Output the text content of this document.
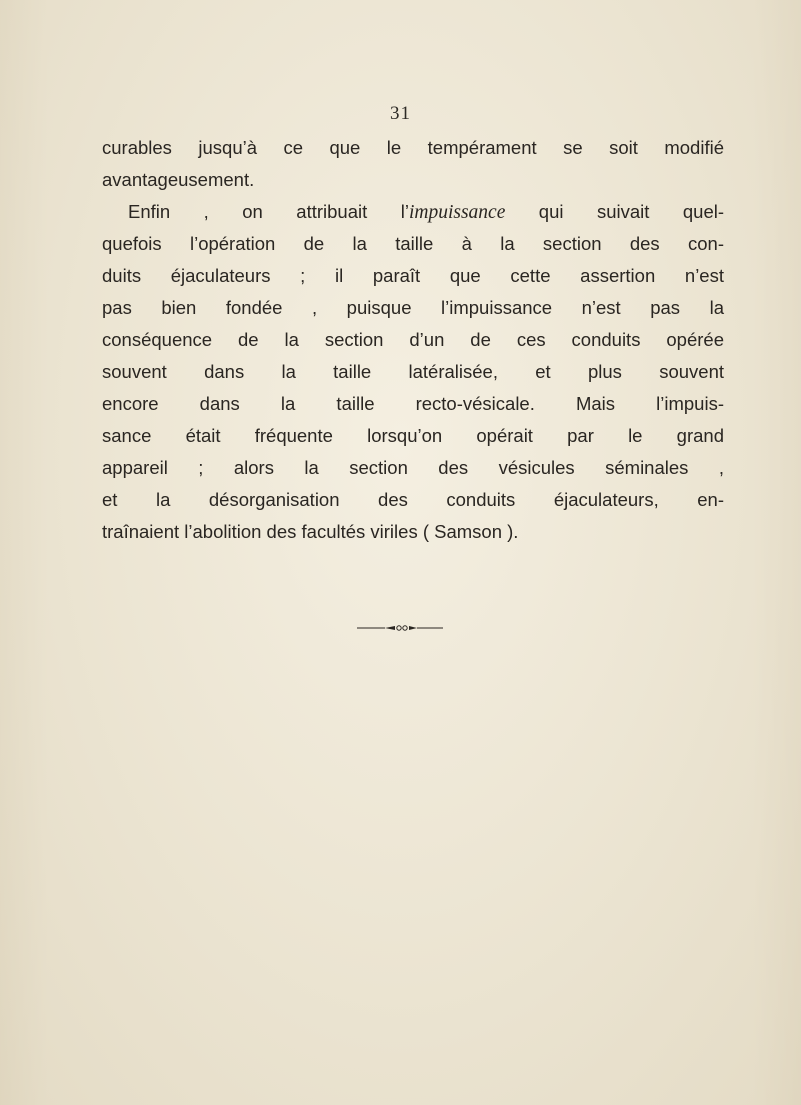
31
curables jusqu’à ce que le tempérament se soit modifié
avantageusement.
Enfin , on attribuait l’impuissance qui suivait quel-
quefois l’opération de la taille à la section des con-
duits éjaculateurs ; il paraît que cette assertion n’est
pas bien fondée , puisque l’impuissance n’est pas la
conséquence de la section d’un de ces conduits opérée
souvent dans la taille latéralisée, et plus souvent
encore dans la taille recto-vésicale. Mais l’impuis-
sance était fréquente lorsqu’on opérait par le grand
appareil ; alors la section des vésicules séminales ,
et la désorganisation des conduits éjaculateurs, en-
traînaient l’abolition des facultés viriles ( Samson ).
